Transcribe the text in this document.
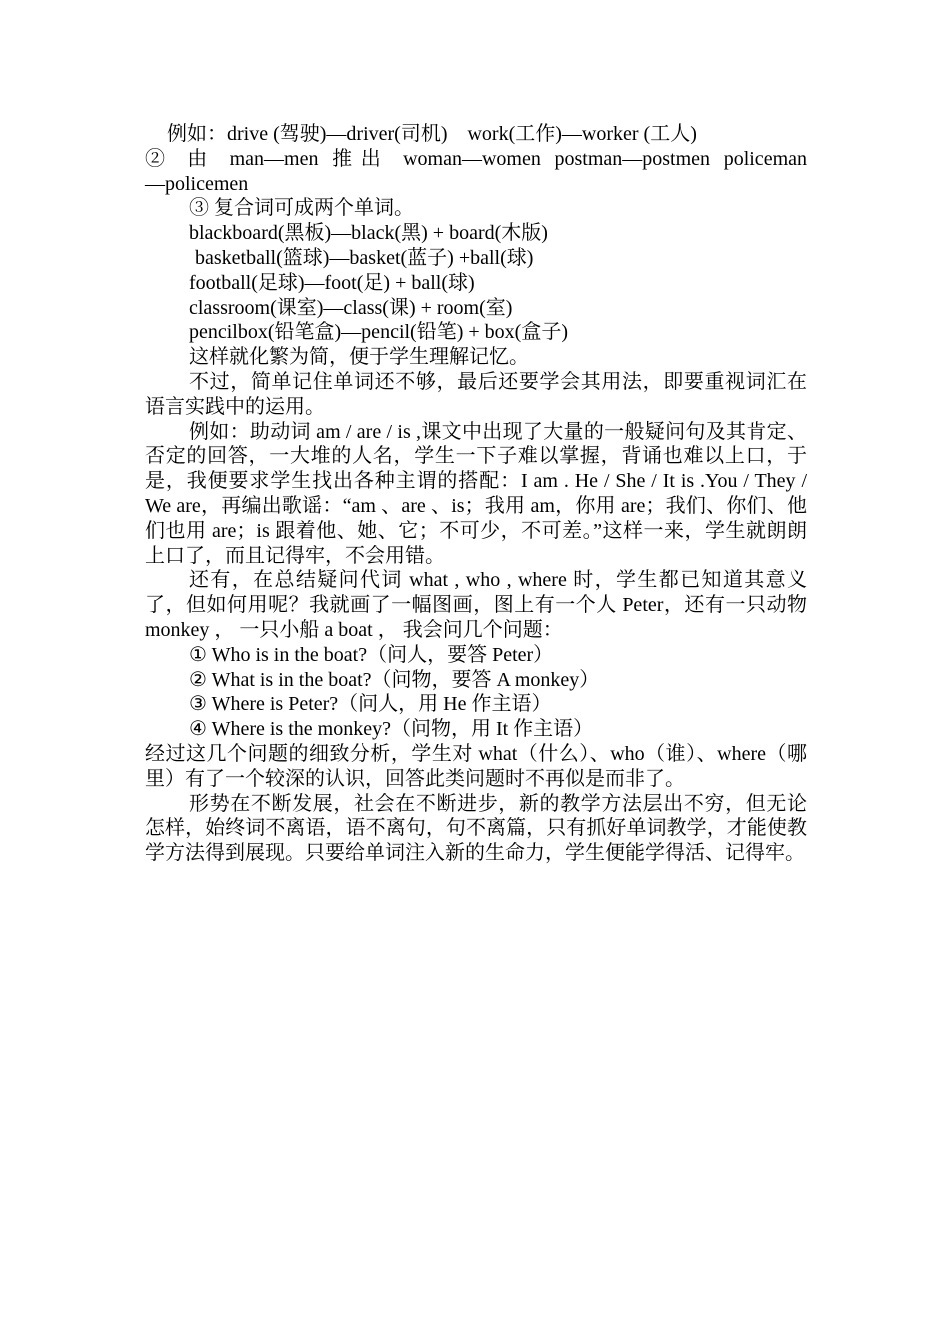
例如：drive (驾驶)—driver(司机)    work(工作)—worker (工人)
② 由 man—men 推出 woman—women postman—postmen policeman
—policemen
③ 复合词可成两个单词。
blackboard(黑板)—black(黑) + board(木版)
basketball(篮球)—basket(蓝子) +ball(球)
football(足球)—foot(足) + ball(球)
classroom(课室)—class(课) + room(室)
pencilbox(铅笔盒)—pencil(铅笔) + box(盒子)
这样就化繁为简，便于学生理解记忆。
不过，简单记住单词还不够，最后还要学会其用法，即要重视词汇在语言实践中的运用。
例如：助动词 am / are / is ,课文中出现了大量的一般疑问句及其肯定、否定的回答，一大堆的人名，学生一下子难以掌握，背诵也难以上口，于是，我便要求学生找出各种主谓的搭配：I am . He / She / It is .You / They / We are，再编出歌谣：“am 、are 、is；我用 am，你用 are；我们、你们、他们也用 are；is 跟着他、她、它；不可少，不可差。”这样一来，学生就朗朗上口了，而且记得牢，不会用错。
还有，在总结疑问代词 what , who , where 时，学生都已知道其意义了，但如何用呢？我就画了一幅图画，图上有一个人 Peter，还有一只动物 monkey ， 一只小船 a boat ， 我会问几个问题：
① Who is in the boat?（问人，要答 Peter）
② What is in the boat?（问物，要答 A monkey）
③ Where is Peter?（问人，用 He 作主语）
④ Where is the monkey?（问物，用 It 作主语）
经过这几个问题的细致分析，学生对 what（什么）、who（谁）、where（哪里）有了一个较深的认识，回答此类问题时不再似是而非了。
形势在不断发展，社会在不断进步，新的教学方法层出不穷，但无论怎样，始终词不离语，语不离句，句不离篇，只有抓好单词教学，才能使教学方法得到展现。只要给单词注入新的生命力，学生便能学得活、记得牢。
